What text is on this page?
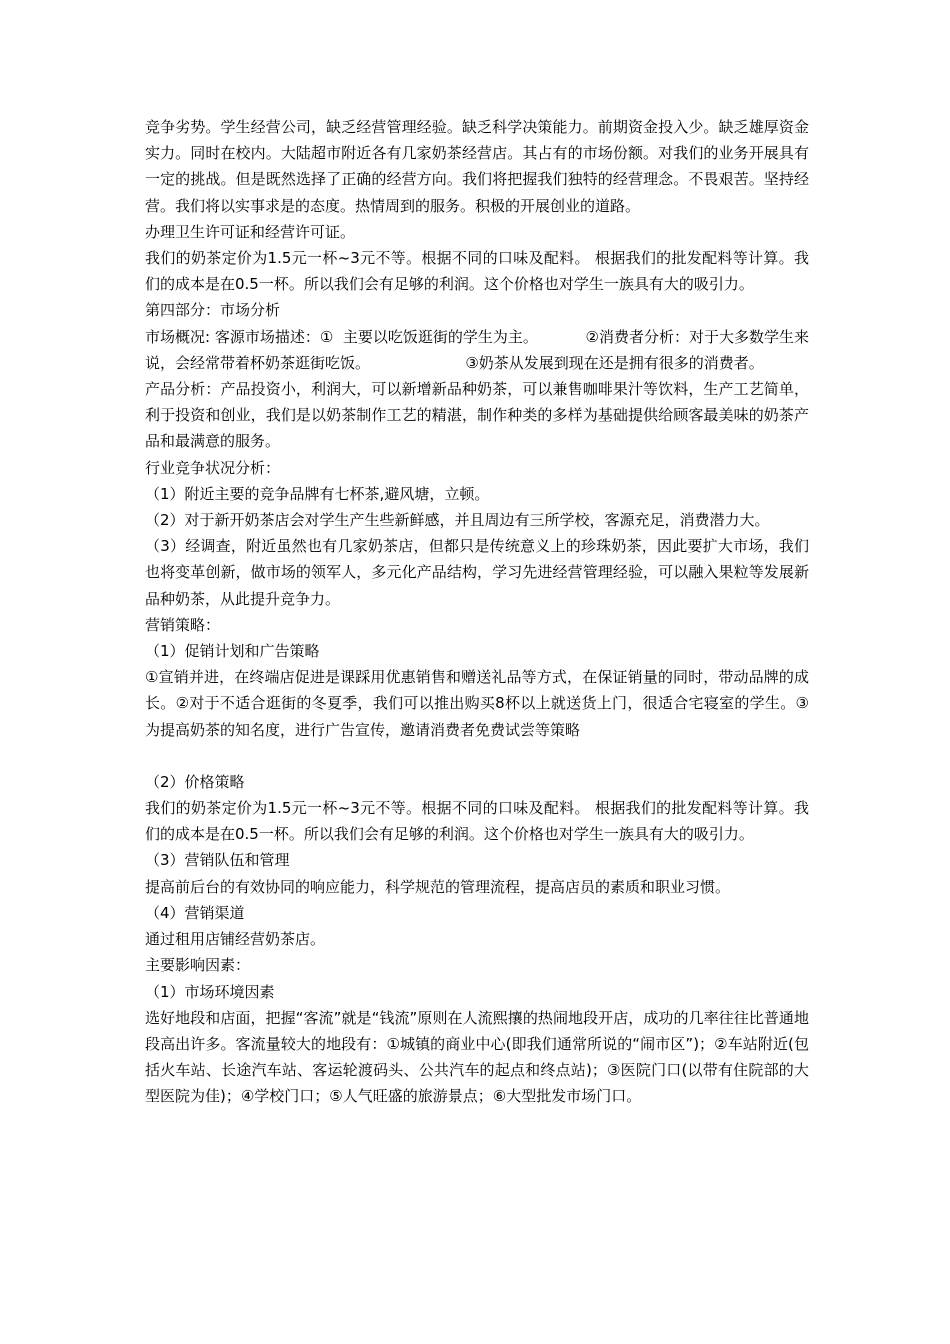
竞争劣势。学生经营公司，缺乏经营管理经验。缺乏科学决策能力。前期资金投入少。缺乏雄厚资金实力。同时在校内。大陆超市附近各有几家奶茶经营店。其占有的市场份额。对我们的业务开展具有一定的挑战。但是既然选择了正确的经营方向。我们将把握我们独特的经营理念。不畏艰苦。坚持经营。我们将以实事求是的态度。热情周到的服务。积极的开展创业的道路。

办理卫生许可证和经营许可证。

我们的奶茶定价为1.5元一杯~3元不等。根据不同的口味及配料。 根据我们的批发配料等计算。我们的成本是在0.5一杯。所以我们会有足够的利润。这个价格也对学生一族具有大的吸引力。

第四部分：市场分析

市场概况: 客源市场描述：①  主要以吃饭逛街的学生为主。          ②消费者分析：对于大多数学生来说，会经常带着杯奶茶逛街吃饭。                    ③奶茶从发展到现在还是拥有很多的消费者。

产品分析：产品投资小，利润大，可以新增新品种奶茶，可以兼售咖啡果汁等饮料，生产工艺简单，利于投资和创业，我们是以奶茶制作工艺的精湛，制作种类的多样为基础提供给顾客最美味的奶茶产品和最满意的服务。

行业竞争状况分析：

（1）附近主要的竞争品牌有七杯茶,避风塘，立顿。

（2）对于新开奶茶店会对学生产生些新鲜感，并且周边有三所学校，客源充足，消费潜力大。

（3）经调查，附近虽然也有几家奶茶店，但都只是传统意义上的珍珠奶茶，因此要扩大市场，我们也将变革创新，做市场的领军人，多元化产品结构，学习先进经营管理经验，可以融入果粒等发展新品种奶茶，从此提升竞争力。

营销策略：

（1）促销计划和广告策略

①宣销并进，在终端店促进是课踩用优惠销售和赠送礼品等方式，在保证销量的同时，带动品牌的成长。②对于不适合逛街的冬夏季，我们可以推出购买8杯以上就送货上门，很适合宅寝室的学生。③为提高奶茶的知名度，进行广告宣传，邀请消费者免费试尝等策略

（2）价格策略

我们的奶茶定价为1.5元一杯~3元不等。根据不同的口味及配料。 根据我们的批发配料等计算。我们的成本是在0.5一杯。所以我们会有足够的利润。这个价格也对学生一族具有大的吸引力。

（3）营销队伍和管理

提高前后台的有效协同的响应能力，科学规范的管理流程，提高店员的素质和职业习惯。

（4）营销渠道

通过租用店铺经营奶茶店。

主要影响因素：

（1）市场环境因素

选好地段和店面，把握“客流”就是“钱流”原则在人流熙攘的热闹地段开店，成功的几率往往比普通地段高出许多。客流量较大的地段有：①城镇的商业中心(即我们通常所说的“闹市区”)；②车站附近(包括火车站、长途汽车站、客运轮渡码头、公共汽车的起点和终点站)；③医院门口(以带有住院部的大型医院为佳)；④学校门口；⑤人气旺盛的旅游景点；⑥大型批发市场门口。
